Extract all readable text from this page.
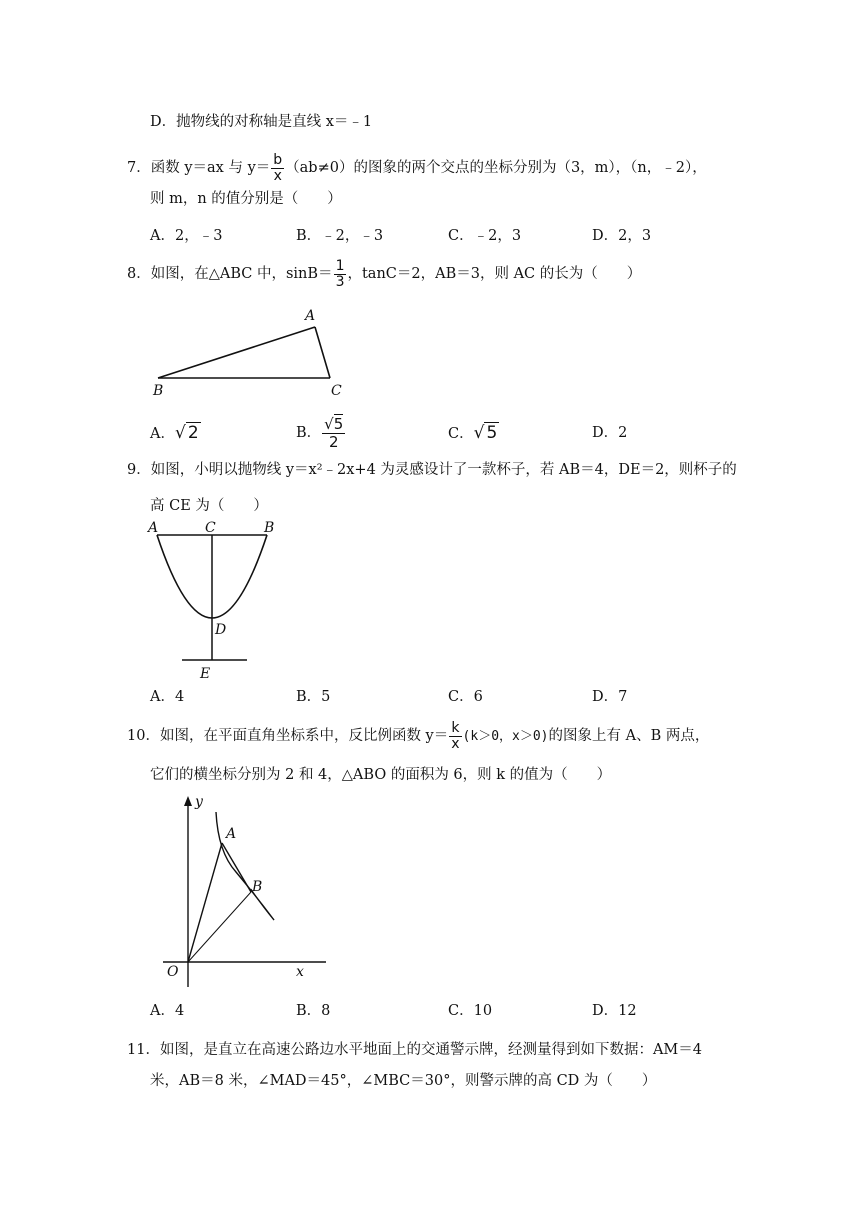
D．抛物线的对称轴是直线 x＝﹣1
7．函数 y＝ax 与 $y= \frac{b}{x} (ab\ne 0)$的图象的两个交点的坐标分别为（3，m），（n，﹣2），
则 m，n 的值分别是（　　）
A．2，﹣3	B．﹣2，﹣3	C．﹣2，3	D．2，3
8．如图，在△ABC 中，$\sin B= \frac{1}{3}$ ，tanC＝2，AB＝3，则 AC 的长为（　　）
A
B	C
A．√ 2	B． $\frac{√5}{2}$	C．√ 5	D．2
9．如图，小明以抛物线 y＝x²﹣2x+4 为灵感设计了一款杯子，若 AB＝4，DE＝2，则杯子的
高 CE 为（　　）
A	C	B
D
E
A．4	B．5	C．6	D．7
10．如图，在平面直角坐标系中，反比例函数 $y= \frac{k}{x} (k>0$，x＞0)的图象上有 A、B 两点，
它们的横坐标分别为 2 和 4，△ABO 的面积为 6，则 k 的值为（　　）
y
x
O
A
B
A．4	B．8	C．10	D．12
11．如图，是直立在高速公路边水平地面上的交通警示牌，经测量得到如下数据：AM＝4
米，AB＝8 米，∠MAD＝45°，∠MBC＝30°，则警示牌的高 CD 为（　　）
